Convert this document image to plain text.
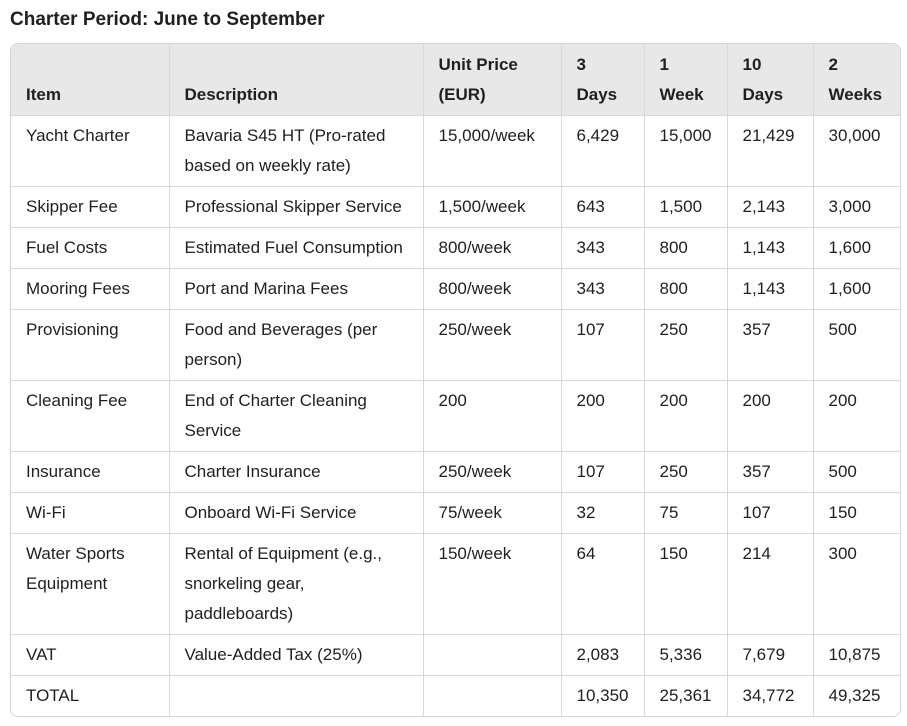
Charter Period: June to September
Item	Description	Unit Price (EUR)	3 Days	1 Week	10 Days	2 Weeks
Yacht Charter	Bavaria S45 HT (Pro-rated based on weekly rate)	15,000/week	6,429	15,000	21,429	30,000
Skipper Fee	Professional Skipper Service	1,500/week	643	1,500	2,143	3,000
Fuel Costs	Estimated Fuel Consumption	800/week	343	800	1,143	1,600
Mooring Fees	Port and Marina Fees	800/week	343	800	1,143	1,600
Provisioning	Food and Beverages (per person)	250/week	107	250	357	500
Cleaning Fee	End of Charter Cleaning Service	200	200	200	200	200
Insurance	Charter Insurance	250/week	107	250	357	500
Wi-Fi	Onboard Wi-Fi Service	75/week	32	75	107	150
Water Sports Equipment	Rental of Equipment (e.g., snorkeling gear, paddleboards)	150/week	64	150	214	300
VAT	Value-Added Tax (25%)		2,083	5,336	7,679	10,875
TOTAL			10,350	25,361	34,772	49,325
